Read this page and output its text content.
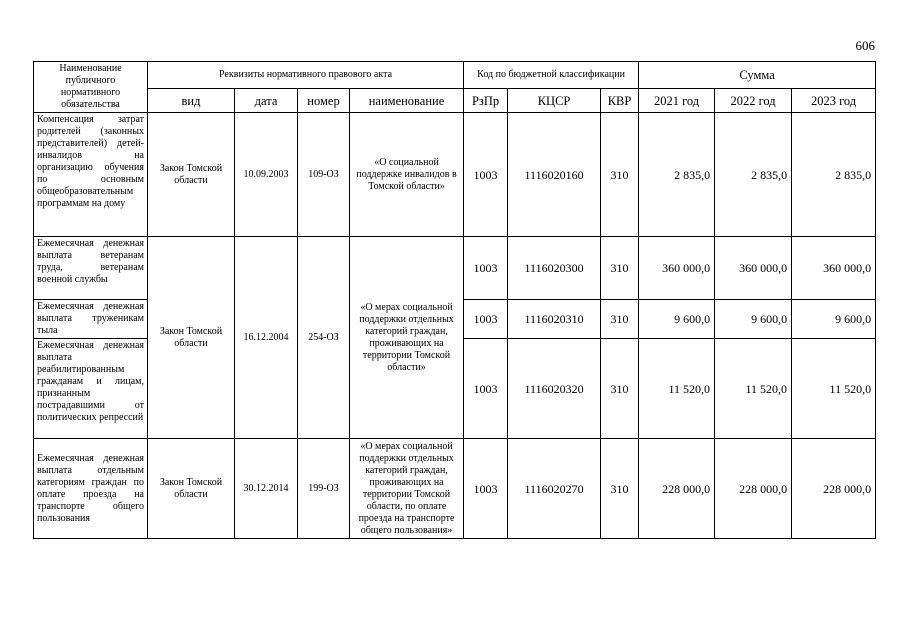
606
Наименование публичного нормативного обязательства	Реквизиты нормативного правового акта				Код по бюджетной классификации			Сумма		
	вид	дата	номер	наименование	РзПр	КЦСР	КВР	2021 год	2022 год	2023 год
Компенсация затрат родителей (законных представителей) детей-инвалидов на организацию обучения по основным общеобразовательным программам на дому	Закон Томской области	10.09.2003	109-ОЗ	«О социальной поддержке инвалидов в Томской области»	1003	1116020160	310	2 835,0	2 835,0	2 835,0
Ежемесячная денежная выплата ветеранам труда, ветеранам военной службы	Закон Томской области	16.12.2004	254-ОЗ	«О мерах социальной поддержки отдельных категорий граждан, проживающих на территории Томской области»	1003	1116020300	310	360 000,0	360 000,0	360 000,0
Ежемесячная денежная выплата труженикам тыла					1003	1116020310	310	9 600,0	9 600,0	9 600,0
Ежемесячная денежная выплата реабилитированным гражданам и лицам, признанным пострадавшими от политических репрессий					1003	1116020320	310	11 520,0	11 520,0	11 520,0
Ежемесячная денежная выплата отдельным категориям граждан по оплате проезда на транспорте общего пользования	Закон Томской области	30.12.2014	199-ОЗ	«О мерах социальной поддержки отдельных категорий граждан, проживающих на территории Томской области, по оплате проезда на транспорте общего пользования»	1003	1116020270	310	228 000,0	228 000,0	228 000,0
